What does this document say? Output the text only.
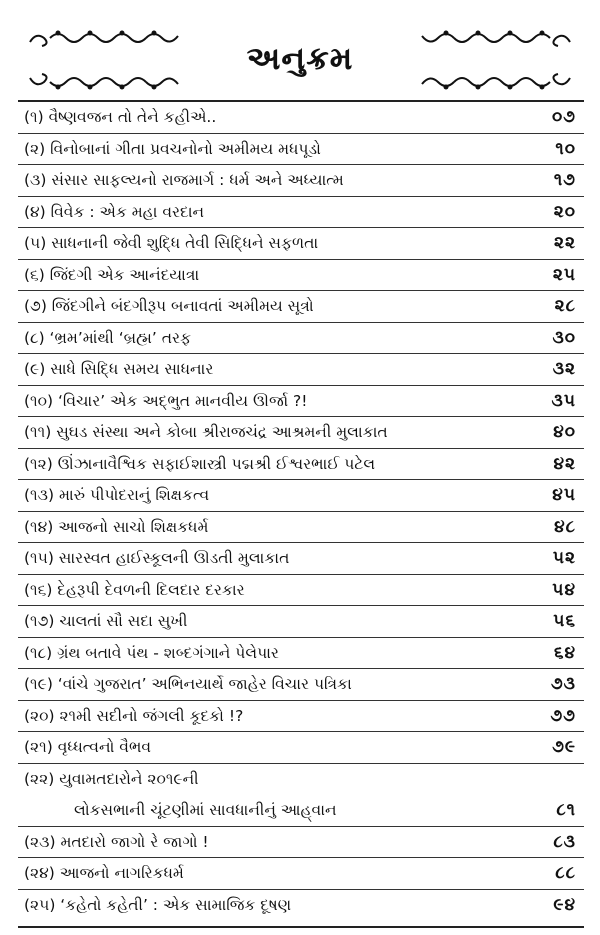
અનુક્રમ
(૧) વૈષ્ણવજન તો તેને કહીએ..	૦૭
(૨) વિનોબાનાં ગીતા પ્રવચનોનો અમીમય મધપૂડો	૧૦
(૩) સંસાર સાફલ્યનો રાજમાર્ગ : ધર્મ અને અધ્યાત્મ	૧૭
(૪) વિવેક : એક મહા વરદાન	૨૦
(૫) સાધનાની જેવી શુદ્ધિ તેવી સિદ્ધિને સફળતા	૨૨
(૬) જિંદગી એક આનંદયાત્રા	૨૫
(૭) જિંદગીને બંદગીરૂપ બનાવતાં અમીમય સૂત્રો	૨૮
(૮) ‘ભ્રમ’માંથી ‘બ્રહ્મ’ તરફ	૩૦
(૯) સાધે સિદ્ધિ સમય સાધનાર	૩૨
(૧૦) ‘વિચાર’ એક અદ્‌ભુત માનવીય ઊર્જા ?!	૩૫
(૧૧) સુઘડ સંસ્થા અને કોબા શ્રીરાજચંદ્ર આશ્રમની મુલાકાત	૪૦
(૧૨) ઊંઝાનાવૈશ્વિક સફાઈશાસ્ત્રી પદ્મશ્રી ઈશ્વરભાઈ પટેલ	૪૨
(૧૩) મારું પીપોદરાનું શિક્ષકત્વ	૪૫
(૧૪) આજનો સાચો શિક્ષકધર્મ	૪૮
(૧૫) સારસ્વત હાઈસ્કૂલની ઊડતી મુલાકાત	૫૨
(૧૬) દેહરૂપી દેવળની દિલદાર દરકાર	૫૪
(૧૭) ચાલતાં સૌ સદા સુખી	૫૬
(૧૮) ગ્રંથ બતાવે પંથ - શબ્દગંગાને પેલેપાર	૬૪
(૧૯) ‘વાંચે ગુજરાત’ અભિનયાર્થે જાહેર વિચાર પત્રિકા	૭૩
(૨૦) ૨૧મી સદીનો જંગલી કૂદકો !?	૭૭
(૨૧) વૃધ્ધત્વનો વૈભવ	૭૯
(૨૨) યુવામતદારોને ૨૦૧૯ની
લોકસભાની ચૂંટણીમાં સાવધાનીનું આહ્‌વાન	૮૧
(૨૩) મતદારો જાગો રે જાગો !	૮૩
(૨૪) આજનો નાગરિકધર્મ	૮૮
(૨૫) ‘કહેતો કહેતી’ : એક સામાજિક દૂષણ	૯૪
